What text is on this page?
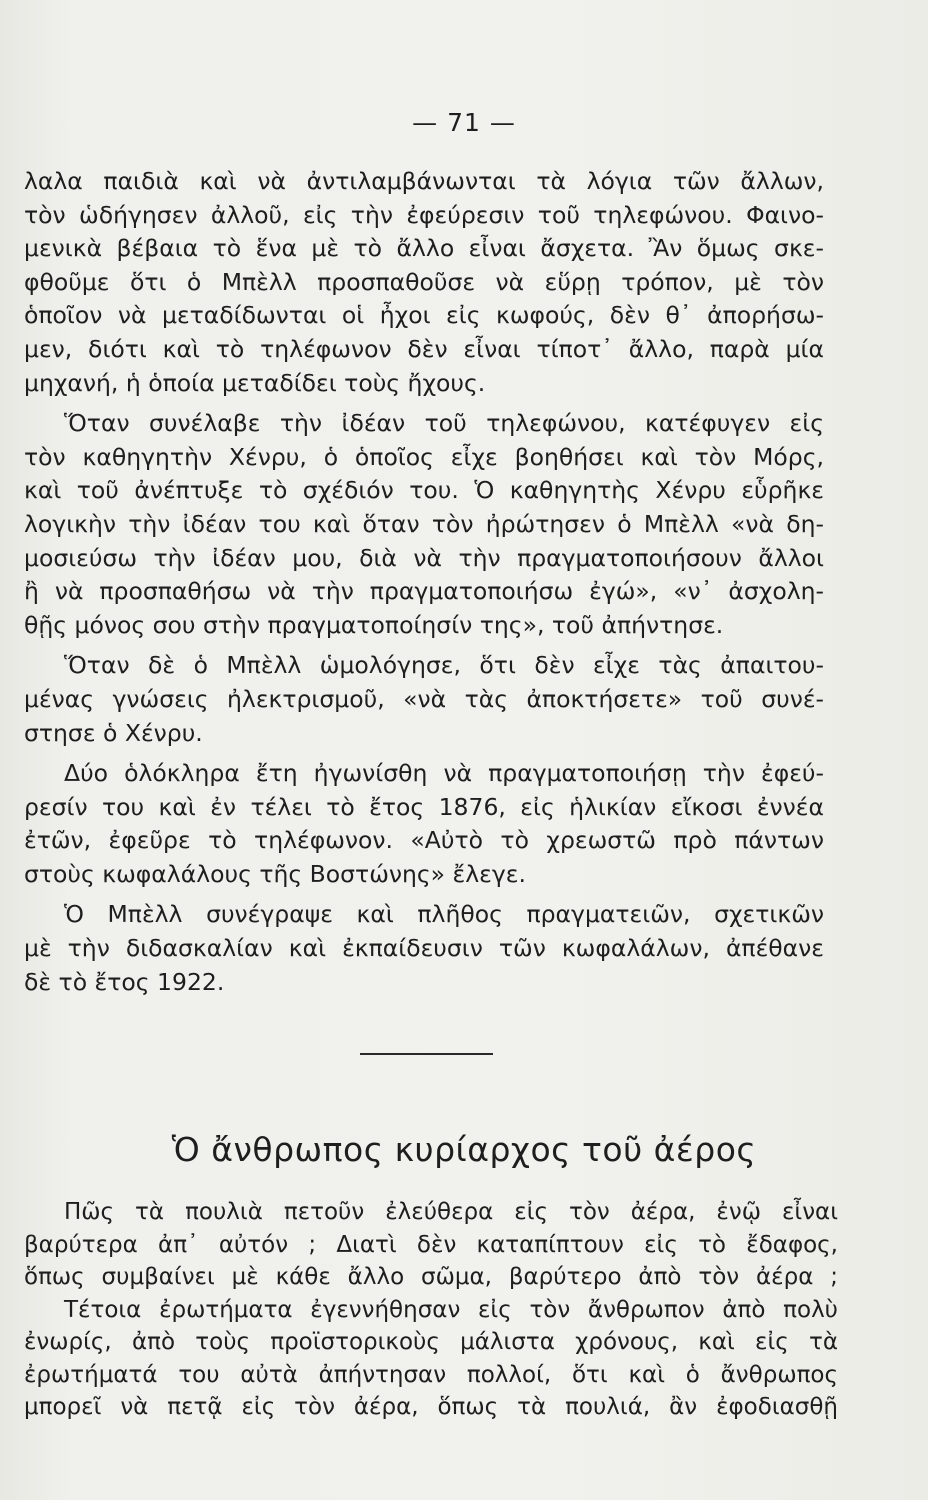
— 71 —
λαλα παιδιὰ καὶ νὰ ἀντιλαμβάνωνται τὰ λόγια τῶν ἄλλων,
τὸν ὡδήγησεν ἀλλοῦ, εἰς τὴν ἐφεύρεσιν τοῦ τηλεφώνου. Φαινο-
μενικὰ βέβαια τὸ ἕνα μὲ τὸ ἄλλο εἶναι ἄσχετα. Ἂν ὅμως σκε-
φθοῦμε ὅτι ὁ Μπὲλλ προσπαθοῦσε νὰ εὕρῃ τρόπον, μὲ τὸν
ὁποῖον νὰ μεταδίδωνται οἱ ἦχοι εἰς κωφούς, δὲν θ᾽ ἀπορήσω-
μεν, διότι καὶ τὸ τηλέφωνον δὲν εἶναι τίποτ᾽ ἄλλο, παρὰ μία
μηχανή, ἡ ὁποία μεταδίδει τοὺς ἤχους.
Ὅταν συνέλαβε τὴν ἰδέαν τοῦ τηλεφώνου, κατέφυγεν εἰς
τὸν καθηγητὴν Χένρυ, ὁ ὁποῖος εἶχε βοηθήσει καὶ τὸν Μόρς,
καὶ τοῦ ἀνέπτυξε τὸ σχέδιόν του. Ὁ καθηγητὴς Χένρυ εὗρῆκε
λογικὴν τὴν ἰδέαν του καὶ ὅταν τὸν ἠρώτησεν ὁ Μπὲλλ «νὰ δη-
μοσιεύσω τὴν ἰδέαν μου, διὰ νὰ τὴν πραγματοποιήσουν ἄλλοι
ἢ νὰ προσπαθήσω νὰ τὴν πραγματοποιήσω ἐγώ», «ν᾽ ἀσχολη-
θῇς μόνος σου στὴν πραγματοποίησίν της», τοῦ ἀπήντησε.
Ὅταν δὲ ὁ Μπὲλλ ὡμολόγησε, ὅτι δὲν εἶχε τὰς ἀπαιτου-
μένας γνώσεις ἠλεκτρισμοῦ, «νὰ τὰς ἀποκτήσετε» τοῦ συνέ-
στησε ὁ Χένρυ.
Δύο ὁλόκληρα ἔτη ἠγωνίσθη νὰ πραγματοποιήσῃ τὴν ἐφεύ-
ρεσίν του καὶ ἐν τέλει τὸ ἔτος 1876, εἰς ἡλικίαν εἴκοσι ἐννέα
ἐτῶν, ἐφεῦρε τὸ τηλέφωνον. «Αὐτὸ τὸ χρεωστῶ πρὸ πάντων
στοὺς κωφαλάλους τῆς Βοστώνης» ἔλεγε.
Ὁ Μπὲλλ συνέγραψε καὶ πλῆθος πραγματειῶν, σχετικῶν
μὲ τὴν διδασκαλίαν καὶ ἐκπαίδευσιν τῶν κωφαλάλων, ἀπέθανε
δὲ τὸ ἔτος 1922.
Ὁ ἄνθρωπος κυρίαρχος τοῦ ἀέρος
Πῶς τὰ πουλιὰ πετοῦν ἐλεύθερα εἰς τὸν ἀέρα, ἐνῷ εἶναι
βαρύτερα ἀπ᾽ αὐτόν ; Διατὶ δὲν καταπίπτουν εἰς τὸ ἔδαφος,
ὅπως συμβαίνει μὲ κάθε ἄλλο σῶμα, βαρύτερο ἀπὸ τὸν ἀέρα ;
Τέτοια ἐρωτήματα ἐγεννήθησαν εἰς τὸν ἄνθρωπον ἀπὸ πολὺ
ἐνωρίς, ἀπὸ τοὺς προϊστορικοὺς μάλιστα χρόνους, καὶ εἰς τὰ
ἐρωτήματά του αὐτὰ ἀπήντησαν πολλοί, ὅτι καὶ ὁ ἄνθρωπος
μπορεῖ νὰ πετᾷ εἰς τὸν ἀέρα, ὅπως τὰ πουλιά, ἂν ἐφοδιασθῇ
